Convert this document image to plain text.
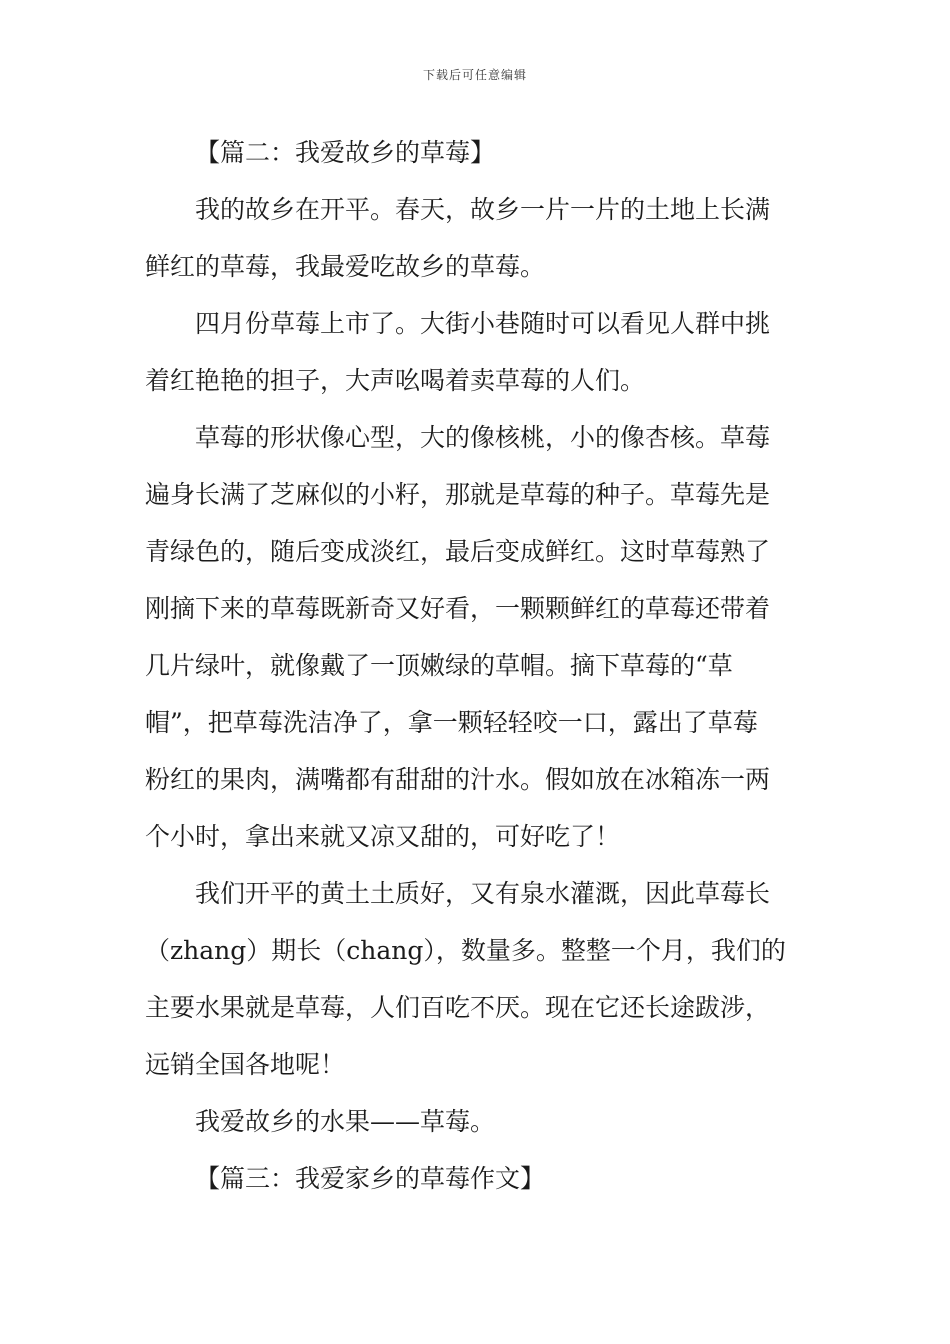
下载后可任意编辑
【篇二：我爱故乡的草莓】
我的故乡在开平。春天，故乡一片一片的土地上长满
鲜红的草莓，我最爱吃故乡的草莓。
四月份草莓上市了。大街小巷随时可以看见人群中挑
着红艳艳的担子，大声吆喝着卖草莓的人们。
草莓的形状像心型，大的像核桃，小的像杏核。草莓
遍身长满了芝麻似的小籽，那就是草莓的种子。草莓先是
青绿色的，随后变成淡红，最后变成鲜红。这时草莓熟了
刚摘下来的草莓既新奇又好看，一颗颗鲜红的草莓还带着
几片绿叶，就像戴了一顶嫩绿的草帽。摘下草莓的“草
帽”，把草莓洗洁净了，拿一颗轻轻咬一口，露出了草莓
粉红的果肉，满嘴都有甜甜的汁水。假如放在冰箱冻一两
个小时，拿出来就又凉又甜的，可好吃了！
我们开平的黄土土质好，又有泉水灌溉，因此草莓长
（zhang）期长（chang），数量多。整整一个月，我们的
主要水果就是草莓，人们百吃不厌。现在它还长途跋涉，
远销全国各地呢！
我爱故乡的水果——草莓。
【篇三：我爱家乡的草莓作文】
